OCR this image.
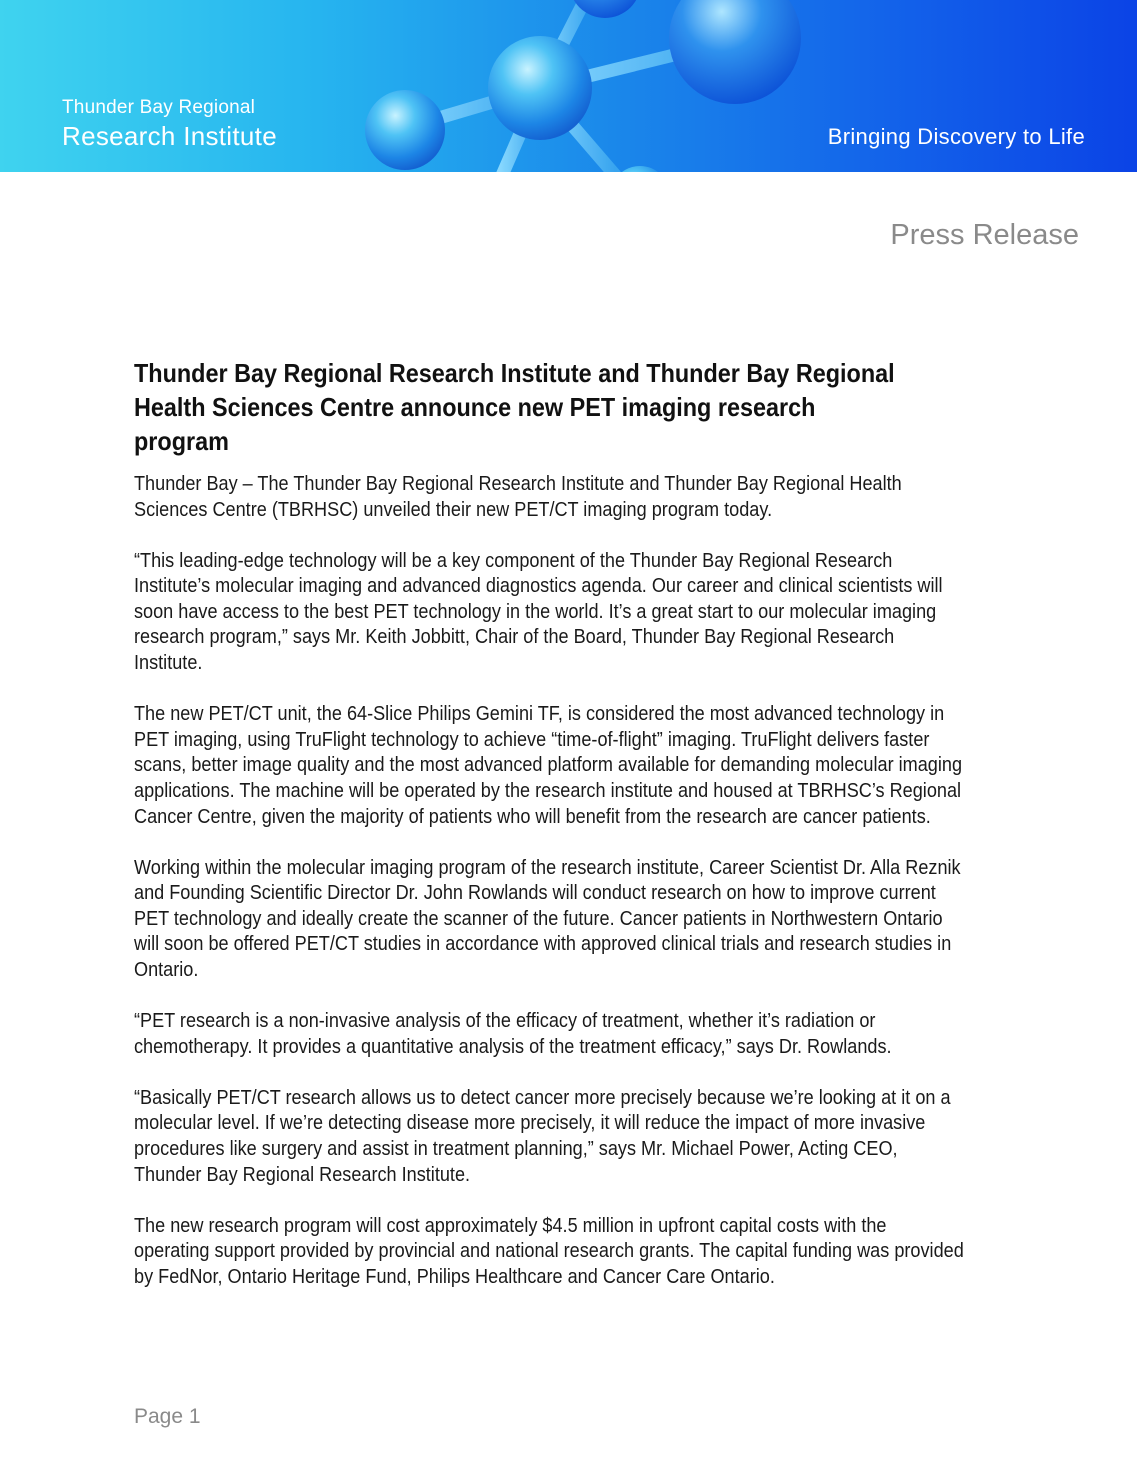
Thunder Bay Regional
Research Institute	Bringing Discovery to Life
Press Release
Thunder Bay Regional Research Institute and Thunder Bay Regional Health Sciences Centre announce new PET imaging research program

Thunder Bay – The Thunder Bay Regional Research Institute and Thunder Bay Regional Health Sciences Centre (TBRHSC) unveiled their new PET/CT imaging program today.

“This leading-edge technology will be a key component of the Thunder Bay Regional Research Institute’s molecular imaging and advanced diagnostics agenda. Our career and clinical scientists will soon have access to the best PET technology in the world. It’s a great start to our molecular imaging research program,” says Mr. Keith Jobbitt, Chair of the Board, Thunder Bay Regional Research Institute.

The new PET/CT unit, the 64-Slice Philips Gemini TF, is considered the most advanced technology in PET imaging, using TruFlight technology to achieve “time-of-flight” imaging. TruFlight delivers faster scans, better image quality and the most advanced platform available for demanding molecular imaging applications. The machine will be operated by the research institute and housed at TBRHSC’s Regional Cancer Centre, given the majority of patients who will benefit from the research are cancer patients.

Working within the molecular imaging program of the research institute, Career Scientist Dr. Alla Reznik and Founding Scientific Director Dr. John Rowlands will conduct research on how to improve current PET technology and ideally create the scanner of the future. Cancer patients in Northwestern Ontario will soon be offered PET/CT studies in accordance with approved clinical trials and research studies in Ontario.

“PET research is a non-invasive analysis of the efficacy of treatment, whether it’s radiation or chemotherapy. It provides a quantitative analysis of the treatment efficacy,” says Dr. Rowlands.

“Basically PET/CT research allows us to detect cancer more precisely because we’re looking at it on a molecular level. If we’re detecting disease more precisely, it will reduce the impact of more invasive procedures like surgery and assist in treatment planning,” says Mr. Michael Power, Acting CEO, Thunder Bay Regional Research Institute.

The new research program will cost approximately $4.5 million in upfront capital costs with the operating support provided by provincial and national research grants. The capital funding was provided by FedNor, Ontario Heritage Fund, Philips Healthcare and Cancer Care Ontario.

Page 1
